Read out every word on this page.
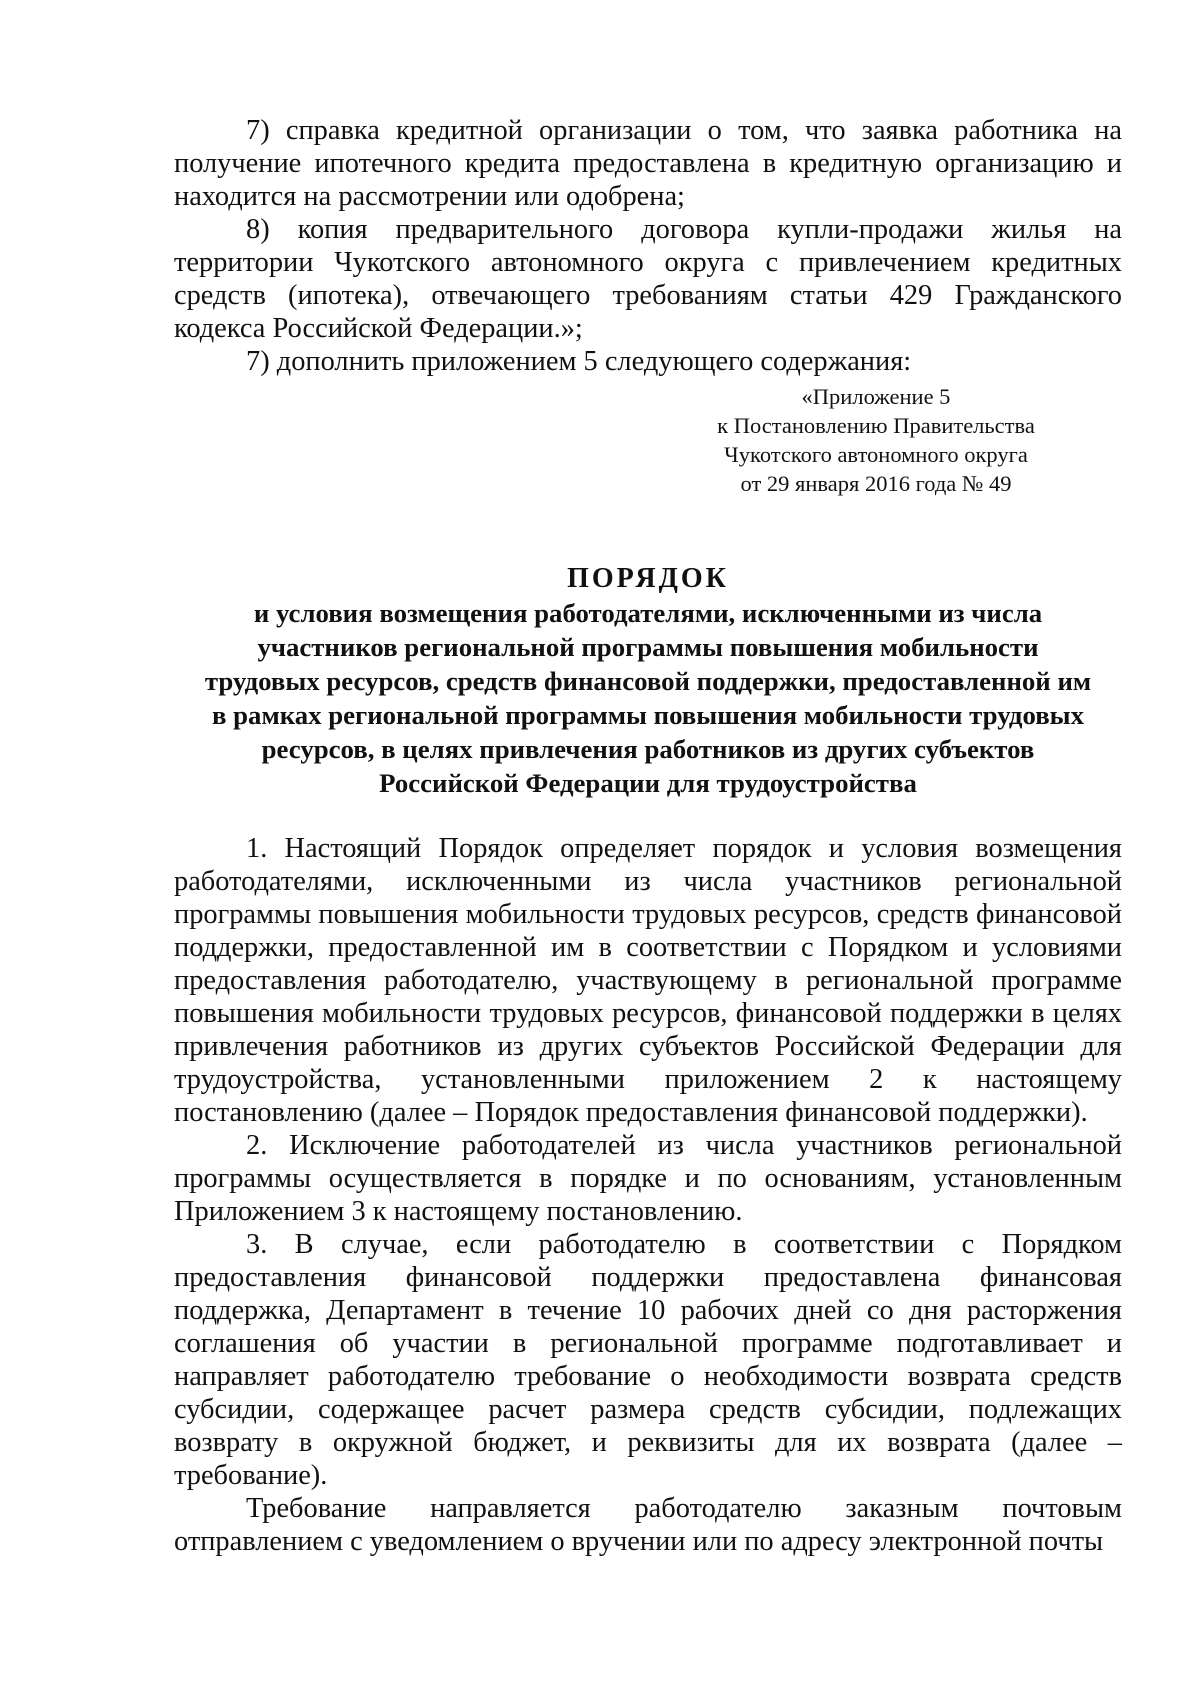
7) справка кредитной организации о том, что заявка работника на получение ипотечного кредита предоставлена в кредитную организацию и находится на рассмотрении или одобрена;

8) копия предварительного договора купли-продажи жилья на территории Чукотского автономного округа с привлечением кредитных средств (ипотека), отвечающего требованиям статьи 429 Гражданского кодекса Российской Федерации.»;

7) дополнить приложением 5 следующего содержания:

«Приложение 5
к Постановлению Правительства
Чукотского автономного округа
от 29 января 2016 года № 49
ПОРЯДОК
и условия возмещения работодателями, исключенными из числа
участников региональной программы повышения мобильности
трудовых ресурсов, средств финансовой поддержки, предоставленной им
в рамках региональной программы повышения мобильности трудовых
ресурсов, в целях привлечения работников из других субъектов
Российской Федерации для трудоустройства

1. Настоящий Порядок определяет порядок и условия возмещения работодателями, исключенными из числа участников региональной программы повышения мобильности трудовых ресурсов, средств финансовой поддержки, предоставленной им в соответствии с Порядком и условиями предоставления работодателю, участвующему в региональной программе повышения мобильности трудовых ресурсов, финансовой поддержки в целях привлечения работников из других субъектов Российской Федерации для трудоустройства, установленными приложением 2 к настоящему постановлению (далее – Порядок предоставления финансовой поддержки).

2. Исключение работодателей из числа участников региональной программы осуществляется в порядке и по основаниям, установленным Приложением 3 к настоящему постановлению.

3. В случае, если работодателю в соответствии с Порядком предоставления финансовой поддержки предоставлена финансовая поддержка, Департамент в течение 10 рабочих дней со дня расторжения соглашения об участии в региональной программе подготавливает и направляет работодателю требование о необходимости возврата средств субсидии, содержащее расчет размера средств субсидии, подлежащих возврату в окружной бюджет, и реквизиты для их возврата (далее – требование).

Требование направляется работодателю заказным почтовым отправлением с уведомлением о вручении или по адресу электронной почты
